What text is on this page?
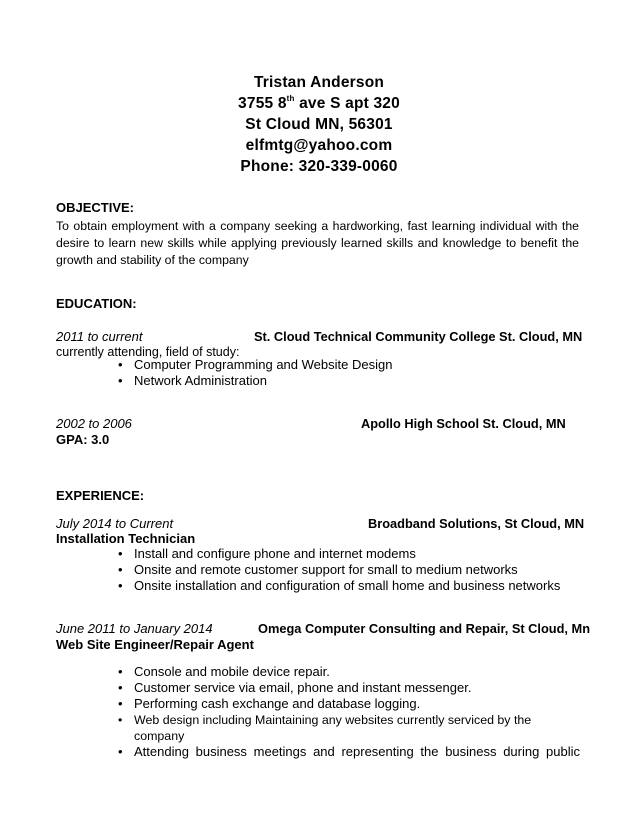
Tristan Anderson
3755 8th ave S apt 320
St Cloud MN, 56301
elfmtg@yahoo.com
Phone: 320-339-0060
OBJECTIVE:
To obtain employment with a company seeking a hardworking, fast learning individual with the desire to learn new skills while applying previously learned skills and knowledge to benefit the growth and stability of the company
EDUCATION:
2011 to current	St. Cloud Technical Community College St. Cloud, MN
currently attending, field of study:
• Computer Programming and Website Design
• Network Administration
2002 to 2006	Apollo High School St. Cloud, MN
GPA: 3.0
EXPERIENCE:
July 2014 to Current	Broadband Solutions, St Cloud, MN
Installation Technician
• Install and configure phone and internet modems
• Onsite and remote customer support for small to medium networks
• Onsite installation and configuration of small home and business networks
June 2011 to January 2014	Omega Computer Consulting and Repair, St Cloud, Mn
Web Site Engineer/Repair Agent
• Console and mobile device repair.
• Customer service via email, phone and instant messenger.
• Performing cash exchange and database logging.
• Web design including Maintaining any websites currently serviced by the company
• Attending business meetings and representing the business during public
